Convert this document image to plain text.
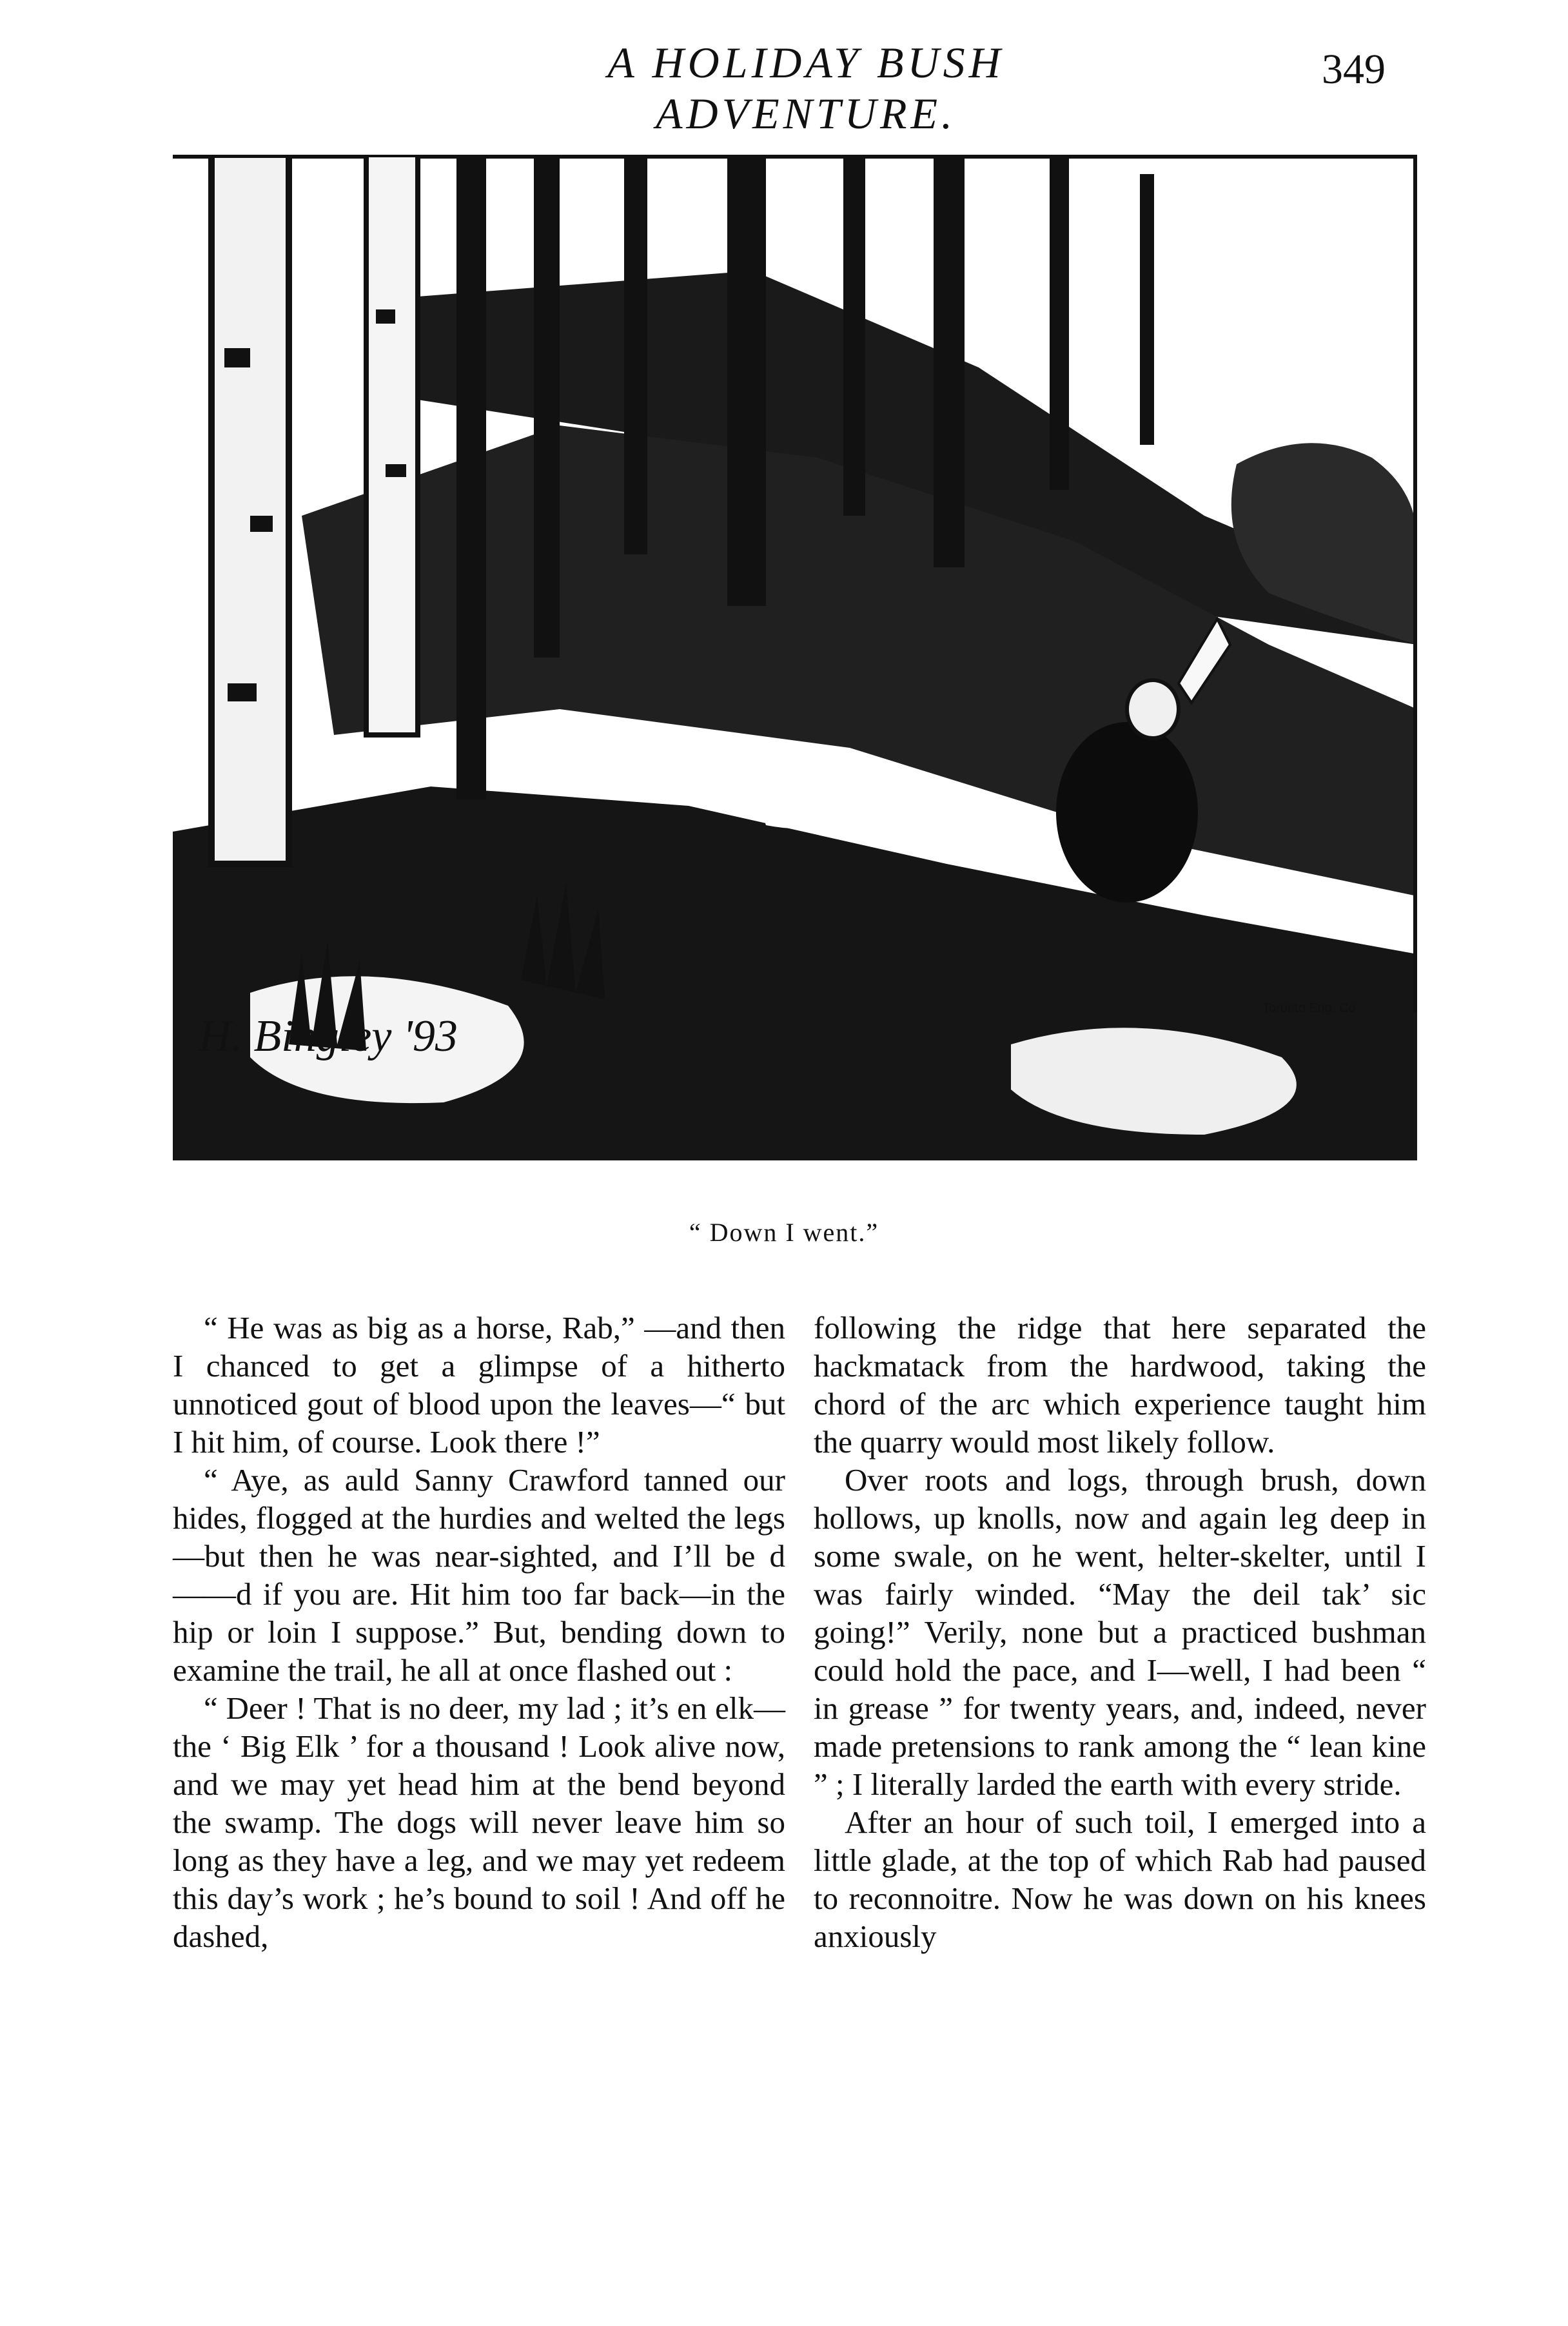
A HOLIDAY BUSH ADVENTURE.
349
H. Bingley '93
Toronto Eng. Co
“ Down I went.”

“ He was as big as a horse, Rab,” —and then I chanced to get a glimpse of a hitherto unnoticed gout of blood upon the leaves—“ but I hit him, of course. Look there !”

“ Aye, as auld Sanny Crawford tanned our hides, flogged at the hurdies and welted the legs—but then he was near-sighted, and I’ll be d——d if you are. Hit him too far back—in the hip or loin I suppose.” But, bending down to examine the trail, he all at once flashed out :

“ Deer ! That is no deer, my lad ; it’s en elk—the ‘ Big Elk ’ for a thousand ! Look alive now, and we may yet head him at the bend beyond the swamp. The dogs will never leave him so long as they have a leg, and we may yet redeem this day’s work ; he’s bound to soil ! And off he dashed,

following the ridge that here separated the hackmatack from the hardwood, taking the chord of the arc which experience taught him the quarry would most likely follow.

Over roots and logs, through brush, down hollows, up knolls, now and again leg deep in some swale, on he went, helter-skelter, until I was fairly winded. “May the deil tak’ sic going!” Verily, none but a practiced bushman could hold the pace, and I—well, I had been “ in grease ” for twenty years, and, indeed, never made pretensions to rank among the “ lean kine ” ; I literally larded the earth with every stride.

After an hour of such toil, I emerged into a little glade, at the top of which Rab had paused to reconnoitre. Now he was down on his knees anxiously
